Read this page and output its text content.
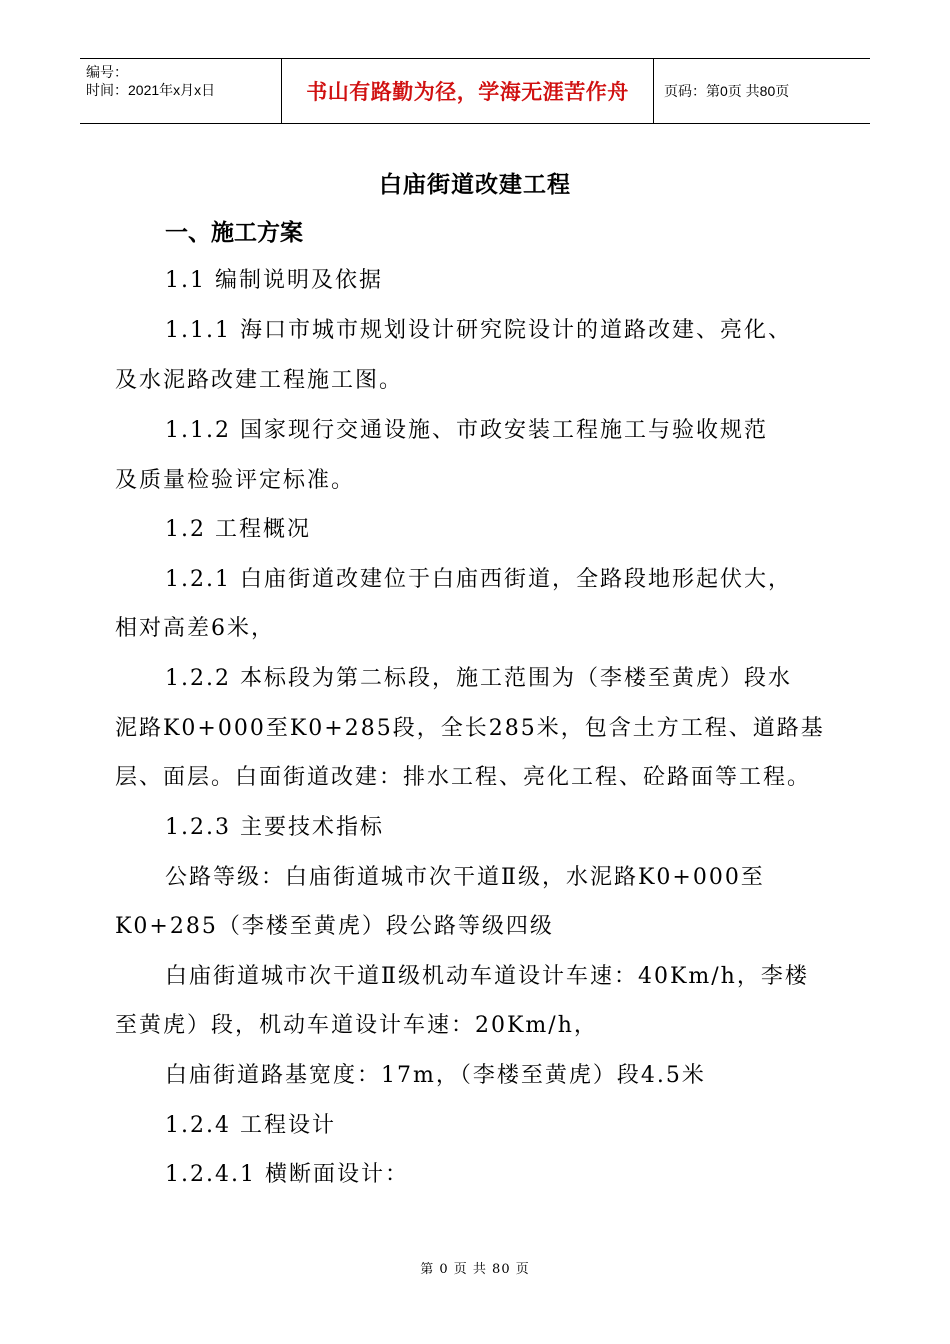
编号：
时间：2021年x月x日	书山有路勤为径，学海无涯苦作舟	页码：第0页 共80页
白庙街道改建工程
一、施工方案

1.1 编制说明及依据

1.1.1 海口市城市规划设计研究院设计的道路改建、亮化、

及水泥路改建工程施工图。

1.1.2 国家现行交通设施、市政安装工程施工与验收规范

及质量检验评定标准。

1.2 工程概况

1.2.1 白庙街道改建位于白庙西街道，全路段地形起伏大，

相对高差6米，

1.2.2 本标段为第二标段，施工范围为（李楼至黄虎）段水

泥路K0+000至K0+285段，全长285米，包含土方工程、道路基

层、面层。白面街道改建：排水工程、亮化工程、砼路面等工程。

1.2.3 主要技术指标

公路等级：白庙街道城市次干道Ⅱ级，水泥路K0+000至

K0+285（李楼至黄虎）段公路等级四级

白庙街道城市次干道Ⅱ级机动车道设计车速：40Km/h，李楼

至黄虎）段，机动车道设计车速：20Km/h，

白庙街道路基宽度：17m，（李楼至黄虎）段4.5米

1.2.4 工程设计

1.2.4.1 横断面设计：

第 0 页 共 80 页
